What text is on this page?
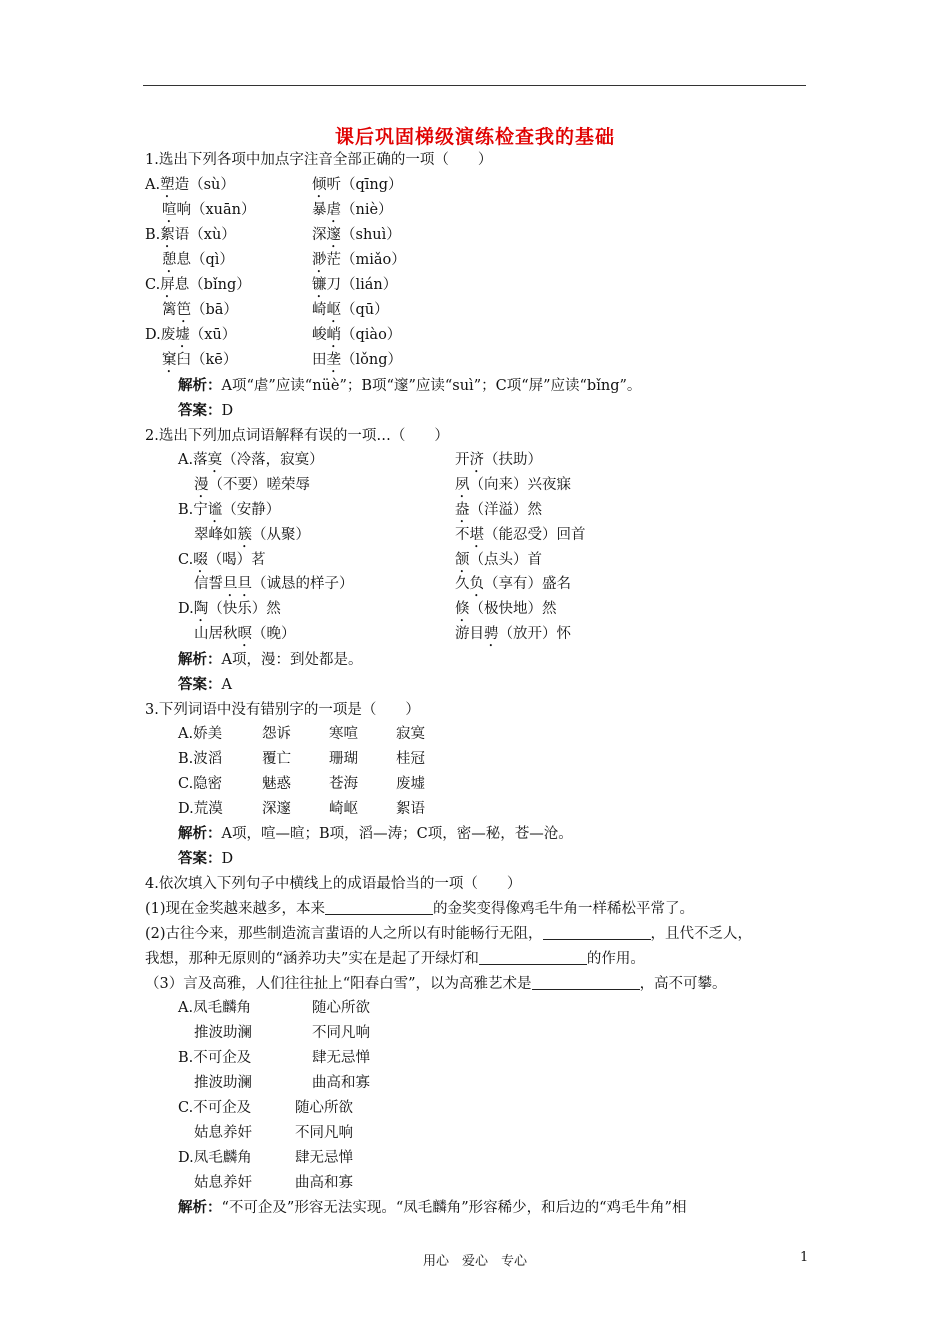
课后巩固梯级演练检查我的基础
1.选出下列各项中加点字注音全部正确的一项（　　）
A.塑造（sù）	倾听（qīng）
喧响（xuān）	暴虐（niè）
B.絮语（xù）	深邃（shuì）
憩息（qì）	渺茫（miǎo）
C.屏息（bǐng）	镰刀（lián）
篱笆（bā）	崎岖（qū）
D.废墟（xū）	峻峭（qiào）
窠臼（kē）	田垄（lǒng）
解析：A项“虐”应读“nüè”；B项“邃”应读“suì”；C项“屏”应读“bǐng”。
答案：D
2.选出下列加点词语解释有误的一项…（　　）
A.落寞（冷落，寂寞）	开济（扶助）
漫（不要）嗟荣辱	夙（向来）兴夜寐
B.宁谧（安静）	盎（洋溢）然
翠峰如簇（从聚）	不堪（能忍受）回首
C.啜（喝）茗	颔（点头）首
信誓旦旦（诚恳的样子）	久负（享有）盛名
D.陶（快乐）然	倏（极快地）然
山居秋暝（晚）	游目骋（放开）怀
解析：A项，漫：到处都是。
答案：A
3.下列词语中没有错别字的一项是（　　）
A.娇美	怨诉	寒喧	寂寞
B.波滔	覆亡	珊瑚	桂冠
C.隐密	魅惑	苍海	废墟
D.荒漠	深邃	崎岖	絮语
解析：A项，喧—暄；B项，滔—涛；C项，密—秘，苍—沧。
答案：D
4.依次填入下列句子中横线上的成语最恰当的一项（　　）
(1)现在金奖越来越多，本来	的金奖变得像鸡毛牛角一样稀松平常了。
(2)古往今来，那些制造流言蜚语的人之所以有时能畅行无阻，	，且代不乏人，
我想，那种无原则的“涵养功夫”实在是起了开绿灯和	的作用。
（3）言及高雅，人们往往扯上“阳春白雪”，以为高雅艺术是	，高不可攀。
A.凤毛麟角	随心所欲
推波助澜	不同凡响
B.不可企及	肆无忌惮
推波助澜	曲高和寡
C.不可企及	随心所欲
姑息养奸	不同凡响
D.凤毛麟角	肆无忌惮
姑息养奸	曲高和寡
解析：“不可企及”形容无法实现。“凤毛麟角”形容稀少，和后边的“鸡毛牛角”相
用心　爱心　专心	1
